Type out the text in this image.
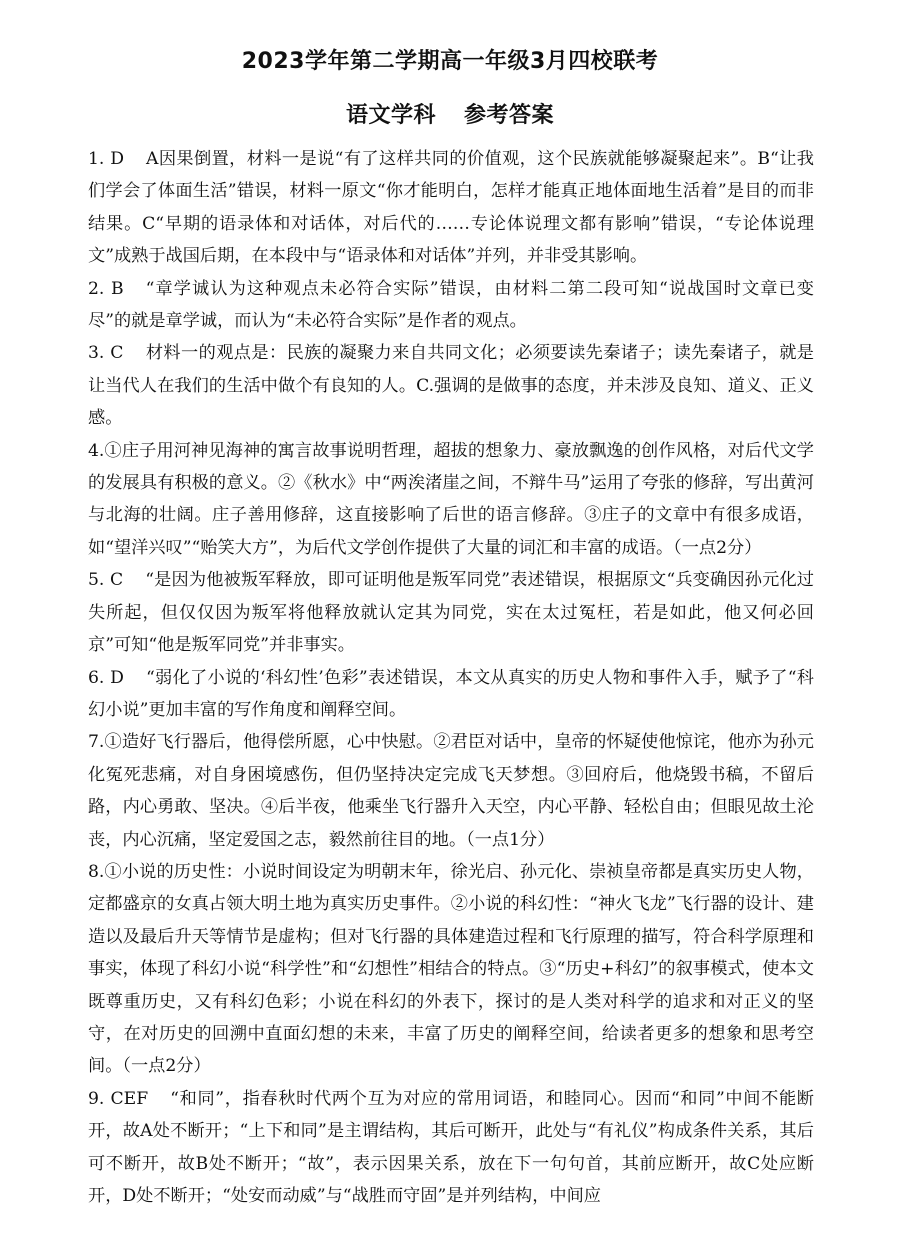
2023学年第二学期高一年级3月四校联考
语文学科 参考答案

1. D A因果倒置，材料一是说“有了这样共同的价值观，这个民族就能够凝聚起来”。B“让我们学会了体面生活”错误，材料一原文“你才能明白，怎样才能真正地体面地生活着”是目的而非结果。C“早期的语录体和对话体，对后代的……专论体说理文都有影响”错误，“专论体说理文”成熟于战国后期，在本段中与“语录体和对话体”并列，并非受其影响。

2. B “章学诚认为这种观点未必符合实际”错误，由材料二第二段可知“说战国时文章已变尽”的就是章学诚，而认为“未必符合实际”是作者的观点。

3. C 材料一的观点是：民族的凝聚力来自共同文化；必须要读先秦诸子；读先秦诸子，就是让当代人在我们的生活中做个有良知的人。C.强调的是做事的态度，并未涉及良知、道义、正义感。

4.①庄子用河神见海神的寓言故事说明哲理，超拔的想象力、豪放飘逸的创作风格，对后代文学的发展具有积极的意义。②《秋水》中“两涘渚崖之间，不辩牛马”运用了夸张的修辞，写出黄河与北海的壮阔。庄子善用修辞，这直接影响了后世的语言修辞。③庄子的文章中有很多成语，如“望洋兴叹”“贻笑大方”，为后代文学创作提供了大量的词汇和丰富的成语。（一点2分）

5. C “是因为他被叛军释放，即可证明他是叛军同党”表述错误，根据原文“兵变确因孙元化过失所起，但仅仅因为叛军将他释放就认定其为同党，实在太过冤枉，若是如此，他又何必回京”可知“他是叛军同党”并非事实。

6. D “弱化了小说的‘科幻性’色彩”表述错误，本文从真实的历史人物和事件入手，赋予了“科幻小说”更加丰富的写作角度和阐释空间。

7.①造好飞行器后，他得偿所愿，心中快慰。②君臣对话中，皇帝的怀疑使他惊诧，他亦为孙元化冤死悲痛，对自身困境感伤，但仍坚持决定完成飞天梦想。③回府后，他烧毁书稿，不留后路，内心勇敢、坚决。④后半夜，他乘坐飞行器升入天空，内心平静、轻松自由；但眼见故土沦丧，内心沉痛，坚定爱国之志，毅然前往目的地。（一点1分）

8.①小说的历史性：小说时间设定为明朝末年，徐光启、孙元化、崇祯皇帝都是真实历史人物，定都盛京的女真占领大明土地为真实历史事件。②小说的科幻性：“神火飞龙”飞行器的设计、建造以及最后升天等情节是虚构；但对飞行器的具体建造过程和飞行原理的描写，符合科学原理和事实，体现了科幻小说“科学性”和“幻想性”相结合的特点。③“历史+科幻”的叙事模式，使本文既尊重历史，又有科幻色彩；小说在科幻的外表下，探讨的是人类对科学的追求和对正义的坚守，在对历史的回溯中直面幻想的未来，丰富了历史的阐释空间，给读者更多的想象和思考空间。（一点2分）

9. CEF “和同”，指春秋时代两个互为对应的常用词语，和睦同心。因而“和同”中间不能断开，故A处不断开；“上下和同”是主谓结构，其后可断开，此处与“有礼仪”构成条件关系，其后可不断开，故B处不断开；“故”，表示因果关系，放在下一句句首，其前应断开，故C处应断开，D处不断开；“处安而动威”与“战胜而守固”是并列结构，中间应
